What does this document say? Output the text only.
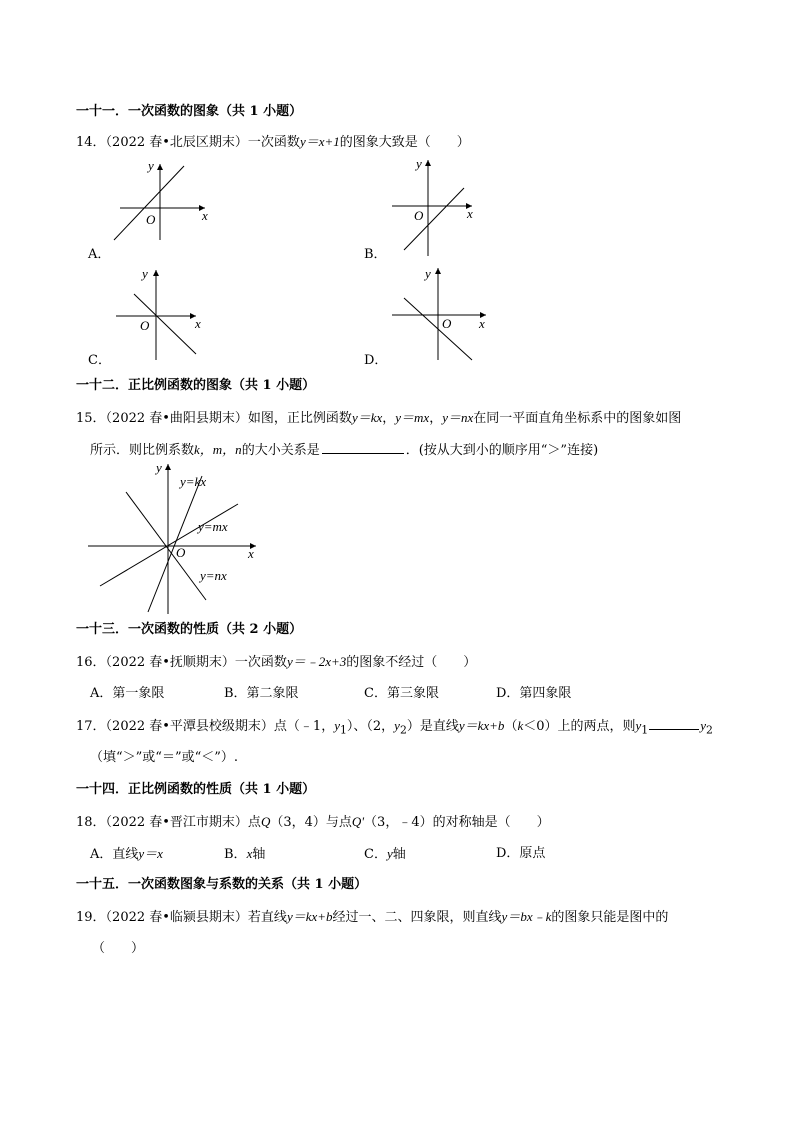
一十一．一次函数的图象（共 1 小题）
14．（2022 春•北辰区期末）一次函数y＝x+1的图象大致是（　　）
y
x
O
A．
y
x
O
B．
y
x
O
C．
y
x
O
D．
一十二．正比例函数的图象（共 1 小题）
15．（2022 春•曲阳县期末）如图，正比例函数y＝kx，y＝mx，y＝nx在同一平面直角坐标系中的图象如图
所示．则比例系数k，m，n的大小关系是	．(按从大到小的顺序用“＞”连接)
y
x
O
y=kx
y=mx
y=nx
一十三．一次函数的性质（共 2 小题）
16．（2022 春•抚顺期末）一次函数y＝﹣2x+3的图象不经过（　　）
A．第一象限	B．第二象限	C．第三象限	D．第四象限
17．（2022 春•平潭县校级期末）点（﹣1，$y_1$）、（2，$y_2$）是直线y＝kx+b（k＜0）上的两点，则$y_1$	$y_2$
（填“＞”或“＝”或“＜”）.
一十四．正比例函数的性质（共 1 小题）
18．（2022 春•晋江市期末）点Q（3，4）与点Q'（3，﹣4）的对称轴是（　　）
A．直线y＝x	B．x轴	C．y轴	D．原点
一十五．一次函数图象与系数的关系（共 1 小题）
19．（2022 春•临颍县期末）若直线y＝kx+b经过一、二、四象限，则直线y＝bx﹣k的图象只能是图中的
（　　）
